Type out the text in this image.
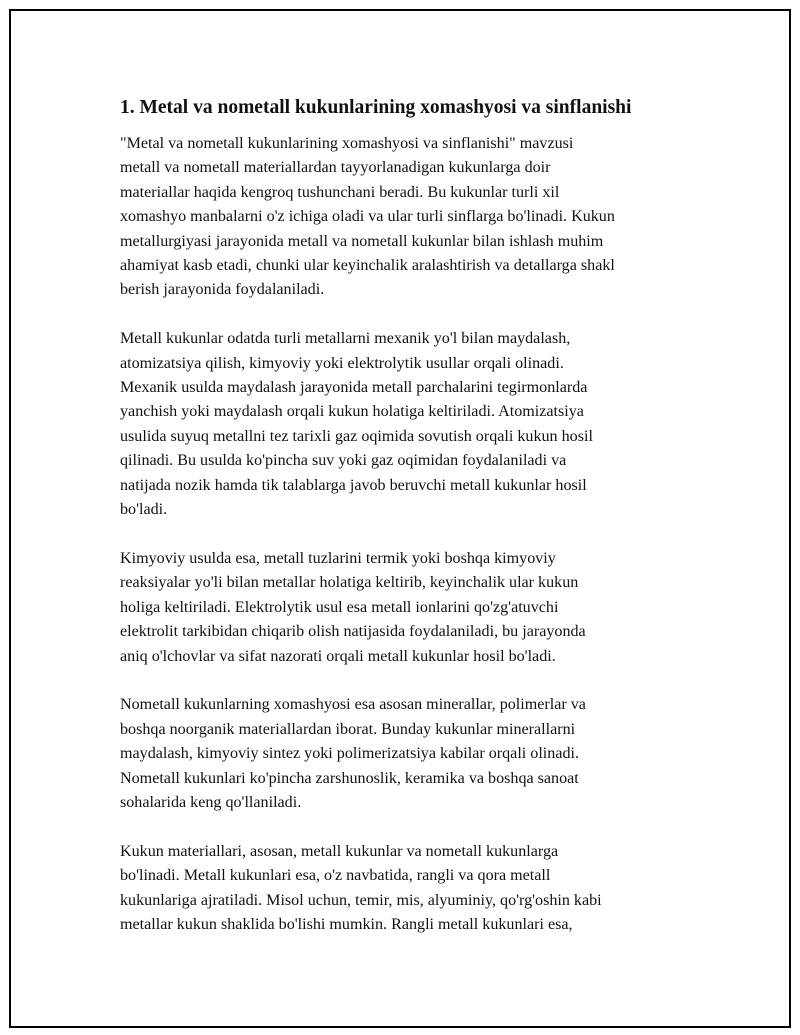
1. Metal va nometall kukunlarining xomashyosi va sinflanishi

"Metal va nometall kukunlarining xomashyosi va sinflanishi" mavzusi
metall va nometall materiallardan tayyorlanadigan kukunlarga doir
materiallar haqida kengroq tushunchani beradi. Bu kukunlar turli xil
xomashyo manbalarni o'z ichiga oladi va ular turli sinflarga bo'linadi. Kukun
metallurgiyasi jarayonida metall va nometall kukunlar bilan ishlash muhim
ahamiyat kasb etadi, chunki ular keyinchalik aralashtirish va detallarga shakl
berish jarayonida foydalaniladi.

Metall kukunlar odatda turli metallarni mexanik yo'l bilan maydalash,
atomizatsiya qilish, kimyoviy yoki elektrolytik usullar orqali olinadi.
Mexanik usulda maydalash jarayonida metall parchalarini tegirmonlarda
yanchish yoki maydalash orqali kukun holatiga keltiriladi. Atomizatsiya
usulida suyuq metallni tez tarixli gaz oqimida sovutish orqali kukun hosil
qilinadi. Bu usulda ko'pincha suv yoki gaz oqimidan foydalaniladi va
natijada nozik hamda tik talablarga javob beruvchi metall kukunlar hosil
bo'ladi.

Kimyoviy usulda esa, metall tuzlarini termik yoki boshqa kimyoviy
reaksiyalar yo'li bilan metallar holatiga keltirib, keyinchalik ular kukun
holiga keltiriladi. Elektrolytik usul esa metall ionlarini qo'zg'atuvchi
elektrolit tarkibidan chiqarib olish natijasida foydalaniladi, bu jarayonda
aniq o'lchovlar va sifat nazorati orqali metall kukunlar hosil bo'ladi.

Nometall kukunlarning xomashyosi esa asosan minerallar, polimerlar va
boshqa noorganik materiallardan iborat. Bunday kukunlar minerallarni
maydalash, kimyoviy sintez yoki polimerizatsiya kabilar orqali olinadi.
Nometall kukunlari ko'pincha zarshunoslik, keramika va boshqa sanoat
sohalarida keng qo'llaniladi.

Kukun materiallari, asosan, metall kukunlar va nometall kukunlarga
bo'linadi. Metall kukunlari esa, o'z navbatida, rangli va qora metall
kukunlariga ajratiladi. Misol uchun, temir, mis, alyuminiy, qo'rg'oshin kabi
metallar kukun shaklida bo'lishi mumkin. Rangli metall kukunlari esa,
